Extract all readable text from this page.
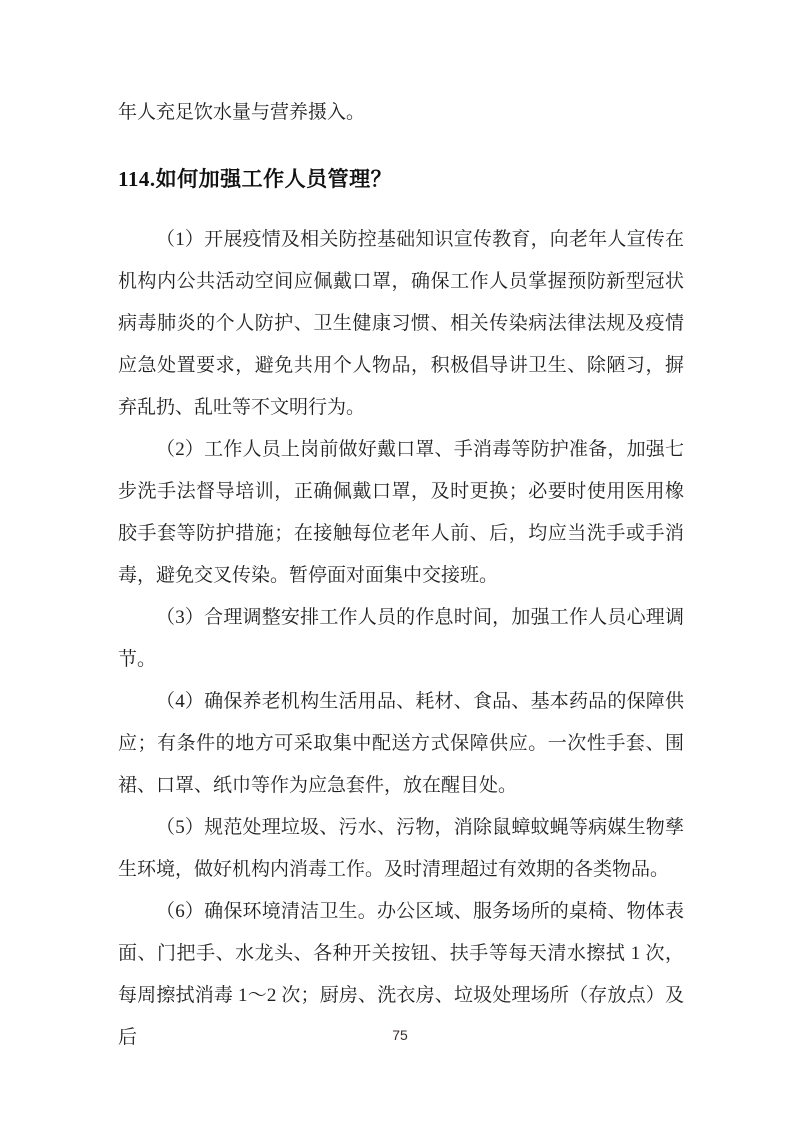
年人充足饮水量与营养摄入。

114.如何加强工作人员管理？

（1）开展疫情及相关防控基础知识宣传教育，向老年人宣传在机构内公共活动空间应佩戴口罩，确保工作人员掌握预防新型冠状病毒肺炎的个人防护、卫生健康习惯、相关传染病法律法规及疫情应急处置要求，避免共用个人物品，积极倡导讲卫生、除陋习，摒弃乱扔、乱吐等不文明行为。

（2）工作人员上岗前做好戴口罩、手消毒等防护准备，加强七步洗手法督导培训，正确佩戴口罩，及时更换；必要时使用医用橡胶手套等防护措施；在接触每位老年人前、后，均应当洗手或手消毒，避免交叉传染。暂停面对面集中交接班。

（3）合理调整安排工作人员的作息时间，加强工作人员心理调节。

（4）确保养老机构生活用品、耗材、食品、基本药品的保障供应；有条件的地方可采取集中配送方式保障供应。一次性手套、围裙、口罩、纸巾等作为应急套件，放在醒目处。

（5）规范处理垃圾、污水、污物，消除鼠蟑蚊蝇等病媒生物孳生环境，做好机构内消毒工作。及时清理超过有效期的各类物品。

（6）确保环境清洁卫生。办公区域、服务场所的桌椅、物体表面、门把手、水龙头、各种开关按钮、扶手等每天清水擦拭 1 次，每周擦拭消毒 1～2 次；厨房、洗衣房、垃圾处理场所（存放点）及后	75
